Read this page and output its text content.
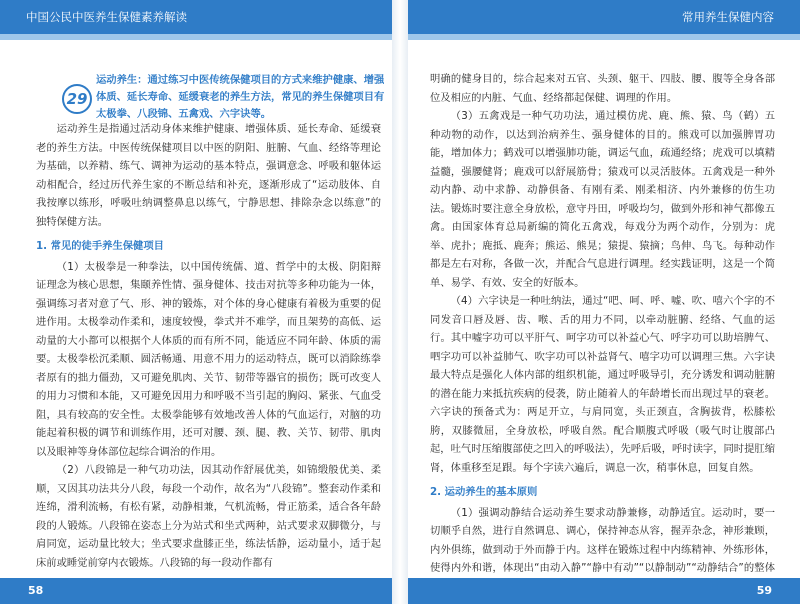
中国公民中医养生保健素养解读	常用养生保健内容
29
运动养生：通过练习中医传统保健项目的方式来维护健康、增强体质、延长寿命、延缓衰老的养生方法，常见的养生保健项目有太极拳、八段锦、五禽戏、六字诀等。

运动养生是指通过活动身体来维护健康、增强体质、延长寿命、延缓衰老的养生方法。中医传统保健项目以中医的阴阳、脏腑、气血、经络等理论为基础，以养精、练气、调神为运动的基本特点，强调意念、呼吸和躯体运动相配合，经过历代养生家的不断总结和补充，逐渐形成了“运动肢体、自我按摩以练形，呼吸吐纳调整鼻息以练气，宁静思想、排除杂念以练意”的独特保健方法。

1. 常见的徒手养生保健项目

（1）太极拳是一种拳法，以中国传统儒、道、哲学中的太极、阴阳辩证理念为核心思想，集颐养性情、强身健体、技击对抗等多种功能为一体，强调练习者对意了气、形、神的锻炼，对个体的身心健康有着极为重要的促进作用。太极拳动作柔和，速度较慢，拳式并不难学，而且架势的高低、运动量的大小都可以根据个人体质的而有所不同，能适应不同年龄、体质的需要。太极拳松沉柔顺、圆活畅通、用意不用力的运动特点，既可以消除练拳者原有的拙力僵劲，又可避免肌肉、关节、韧带等器官的损伤；既可改变人的用力习惯和本能，又可避免因用力和呼吸不当引起的胸闷、紧张、气血受阻，具有较高的安全性。太极拳能够有效地改善人体的气血运行，对脑的功能起着积极的调节和训练作用，还可对腰、颈、腿、教、关节、韧带、肌肉以及眼神等身体部位起综合调治的作用。

（2）八段锦是一种气功功法，因其动作舒展优美，如锦缎般优美、柔顺，又因其功法共分八段，每段一个动作，故名为“八段锦”。整套动作柔和连绵，滑利流畅，有松有紧，动静相兼，气机流畅，骨正筋柔，适合各年龄段的人锻炼。八段锦在姿态上分为站式和坐式两种，站式要求双脚微分，与肩同宽，运动量比较大；坐式要求盘膝正坐，练法恬静，运动量小，适于起床前或睡觉前穿内衣锻炼。八段锦的每一段动作都有

明确的健身目的，综合起来对五官、头颈、躯干、四肢、腰、腹等全身各部位及相应的内脏、气血、经络都起保健、调理的作用。

（3）五禽戏是一种气功功法，通过模仿虎、鹿、熊、猿、鸟（鹤）五种动物的动作，以达到治病养生、强身健体的目的。熊戏可以加强脾胃功能，增加体力；鹤戏可以增强肺功能，调运气血，疏通经络；虎戏可以填精益髓，强腰健肾；鹿戏可以舒展筋骨；猿戏可以灵活肢体。五禽戏是一种外动内静、动中求静、动静俱备、有刚有柔、刚柔相济、内外兼修的仿生功法。锻炼时要注意全身放松，意守丹田，呼吸均匀，做到外形和神气都像五禽。由国家体育总局新编的简化五禽戏，每戏分为两个动作，分别为：虎举、虎扑；鹿抵、鹿奔；熊运、熊晃；猿提、猿摘；鸟伸、鸟飞。每种动作都是左右对称，各做一次，并配合气息进行调理。经实践证明，这是一个简单、易学、有效、安全的好版本。

（4）六字诀是一种吐纳法，通过“吧、呵、呼、嘘、吹、嘻六个字的不同发音口唇及唇、齿、喉、舌的用力不同，以牵动脏腑、经络、气血的运行。其中嘘字功可以平肝气、呵字功可以补益心气、呼字功可以助培脾气、呬字功可以补益肺气、吹字功可以补益肾气、嘻字功可以调理三焦。六字诀最大特点是强化人体内部的组织机能，通过呼吸导引，充分诱发和调动脏腑的潜在能力来抵抗疾病的侵袭，防止随着人的年龄增长而出现过早的衰老。六字诀的预备式为：两足开立，与肩同宽，头正颈直，含胸拔背，松膝松胯，双膝微屈，全身放松，呼吸自然。配合顺腹式呼吸（吸气时让腹部凸起，吐气时压缩腹部使之凹入的呼吸法），先呼后吸，呼时读字，同时提肛缩肾，体重移至足跟。每个字读六遍后，调息一次，稍事休息，回复自然。

2. 运动养生的基本原则

（1）强调动静结合运动养生要求动静兼修，动静适宜。运动时，要一切顺乎自然，进行自然调息、调心，保持神态从容，握弄杂念，神形兼顾，内外俱练，做到动于外而静于内。这样在锻炼过程中内练精神、外练形体，使得内外和谐，体现出“由动入静”“静中有动”“以静制动”“动静结合”的整体

58	59
